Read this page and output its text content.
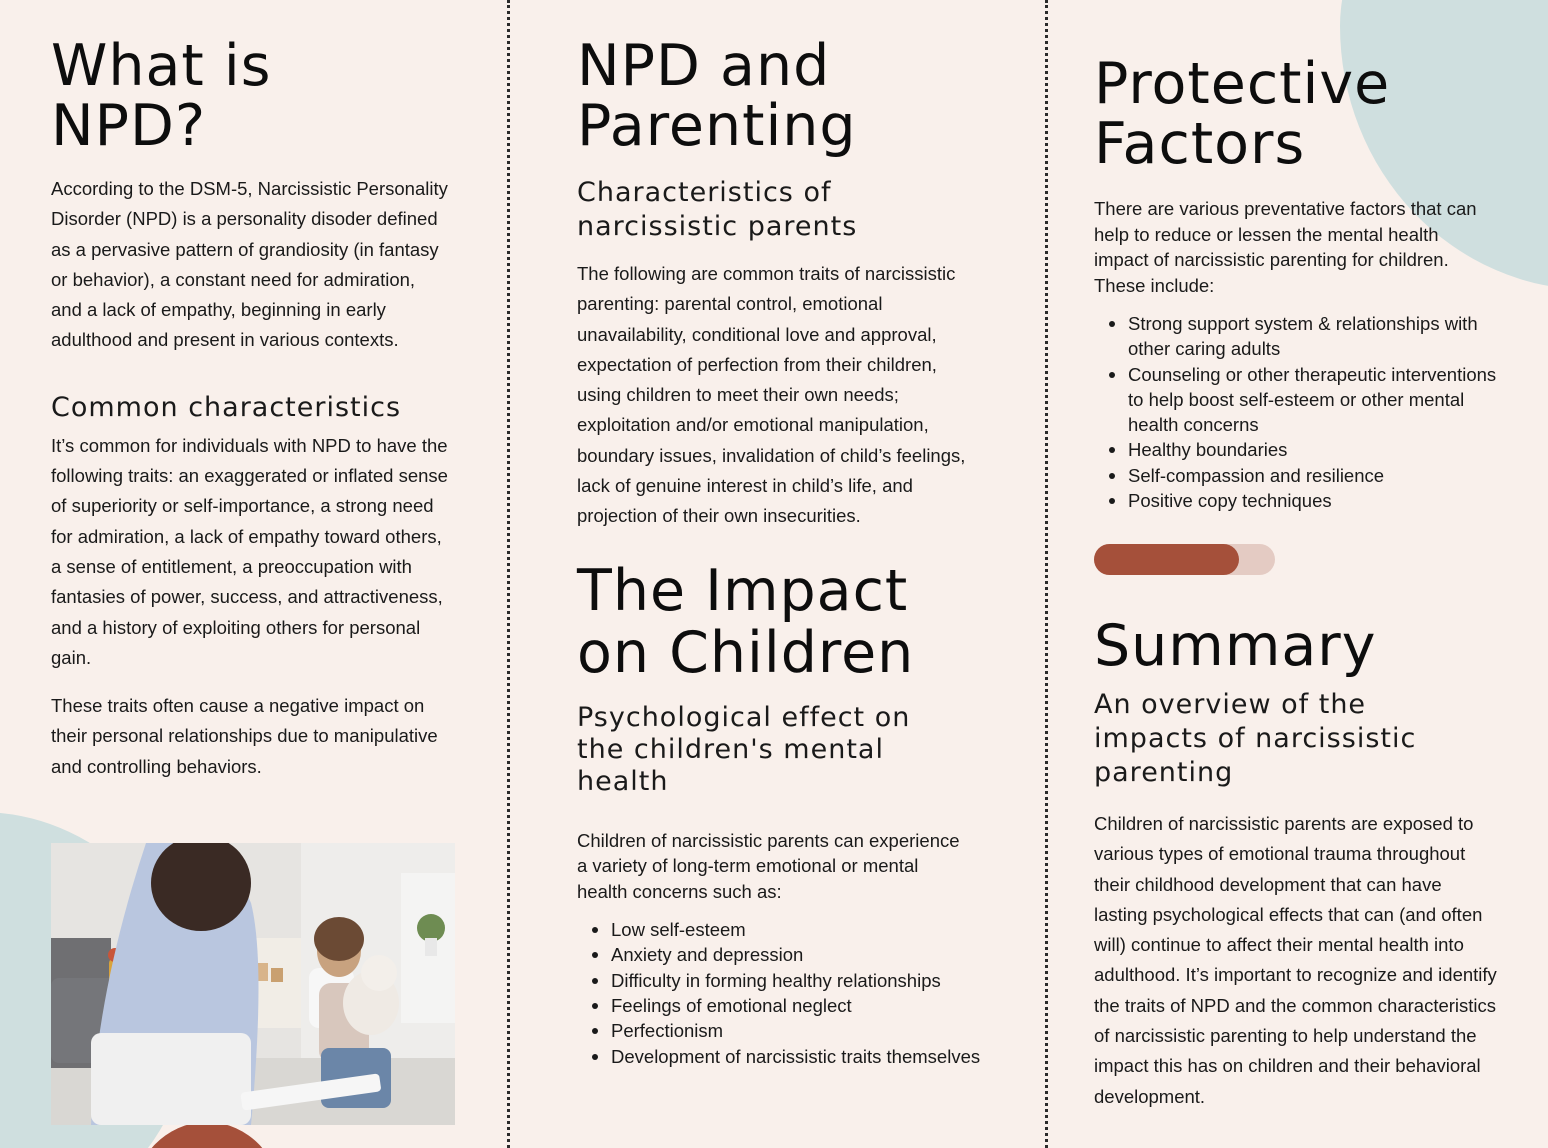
What is NPD?

According to the DSM-5, Narcissistic Personality Disorder (NPD) is a personality disoder defined as a pervasive pattern of grandiosity (in fantasy or behavior), a constant need for admiration, and a lack of empathy, beginning in early adulthood and present in various contexts.

Common characteristics

It’s common for individuals with NPD to have the following traits: an exaggerated or inflated sense of superiority or self-importance, a strong need for admiration, a lack of empathy toward others, a sense of entitlement, a preoccupation with fantasies of power, success, and attractiveness, and a history of exploiting others for personal gain.

These traits often cause a negative impact on their personal relationships due to manipulative and controlling behaviors.

NPD and Parenting
Characteristics of narcissistic parents

The following are common traits of narcissistic parenting: parental control, emotional unavailability, conditional love and approval, expectation of perfection from their children, using children to meet their own needs; exploitation and/or emotional manipulation, boundary issues, invalidation of child’s feelings, lack of genuine interest in child’s life, and projection of their own insecurities.

The Impact on Children
Psychological effect on the children's mental health

Children of narcissistic parents can experience a variety of long-term emotional or mental health concerns such as:

Low self-esteem
Anxiety and depression
Difficulty in forming healthy relationships
Feelings of emotional neglect
Perfectionism
Development of narcissistic traits themselves
Protective Factors

There are various preventative factors that can help to reduce or lessen the mental health impact of narcissistic parenting for children. These include:

Strong support system & relationships with other caring adults
Counseling or other therapeutic interventions to help boost self-esteem or other mental health concerns
Healthy boundaries
Self-compassion and resilience
Positive copy techniques
Summary
An overview of the impacts of narcissistic parenting

Children of narcissistic parents are exposed to various types of emotional trauma throughout their childhood development that can have lasting psychological effects that can (and often will) continue to affect their mental health into adulthood. It’s important to recognize and identify the traits of NPD and the common characteristics of narcissistic parenting to help understand the impact this has on children and their behavioral development.
